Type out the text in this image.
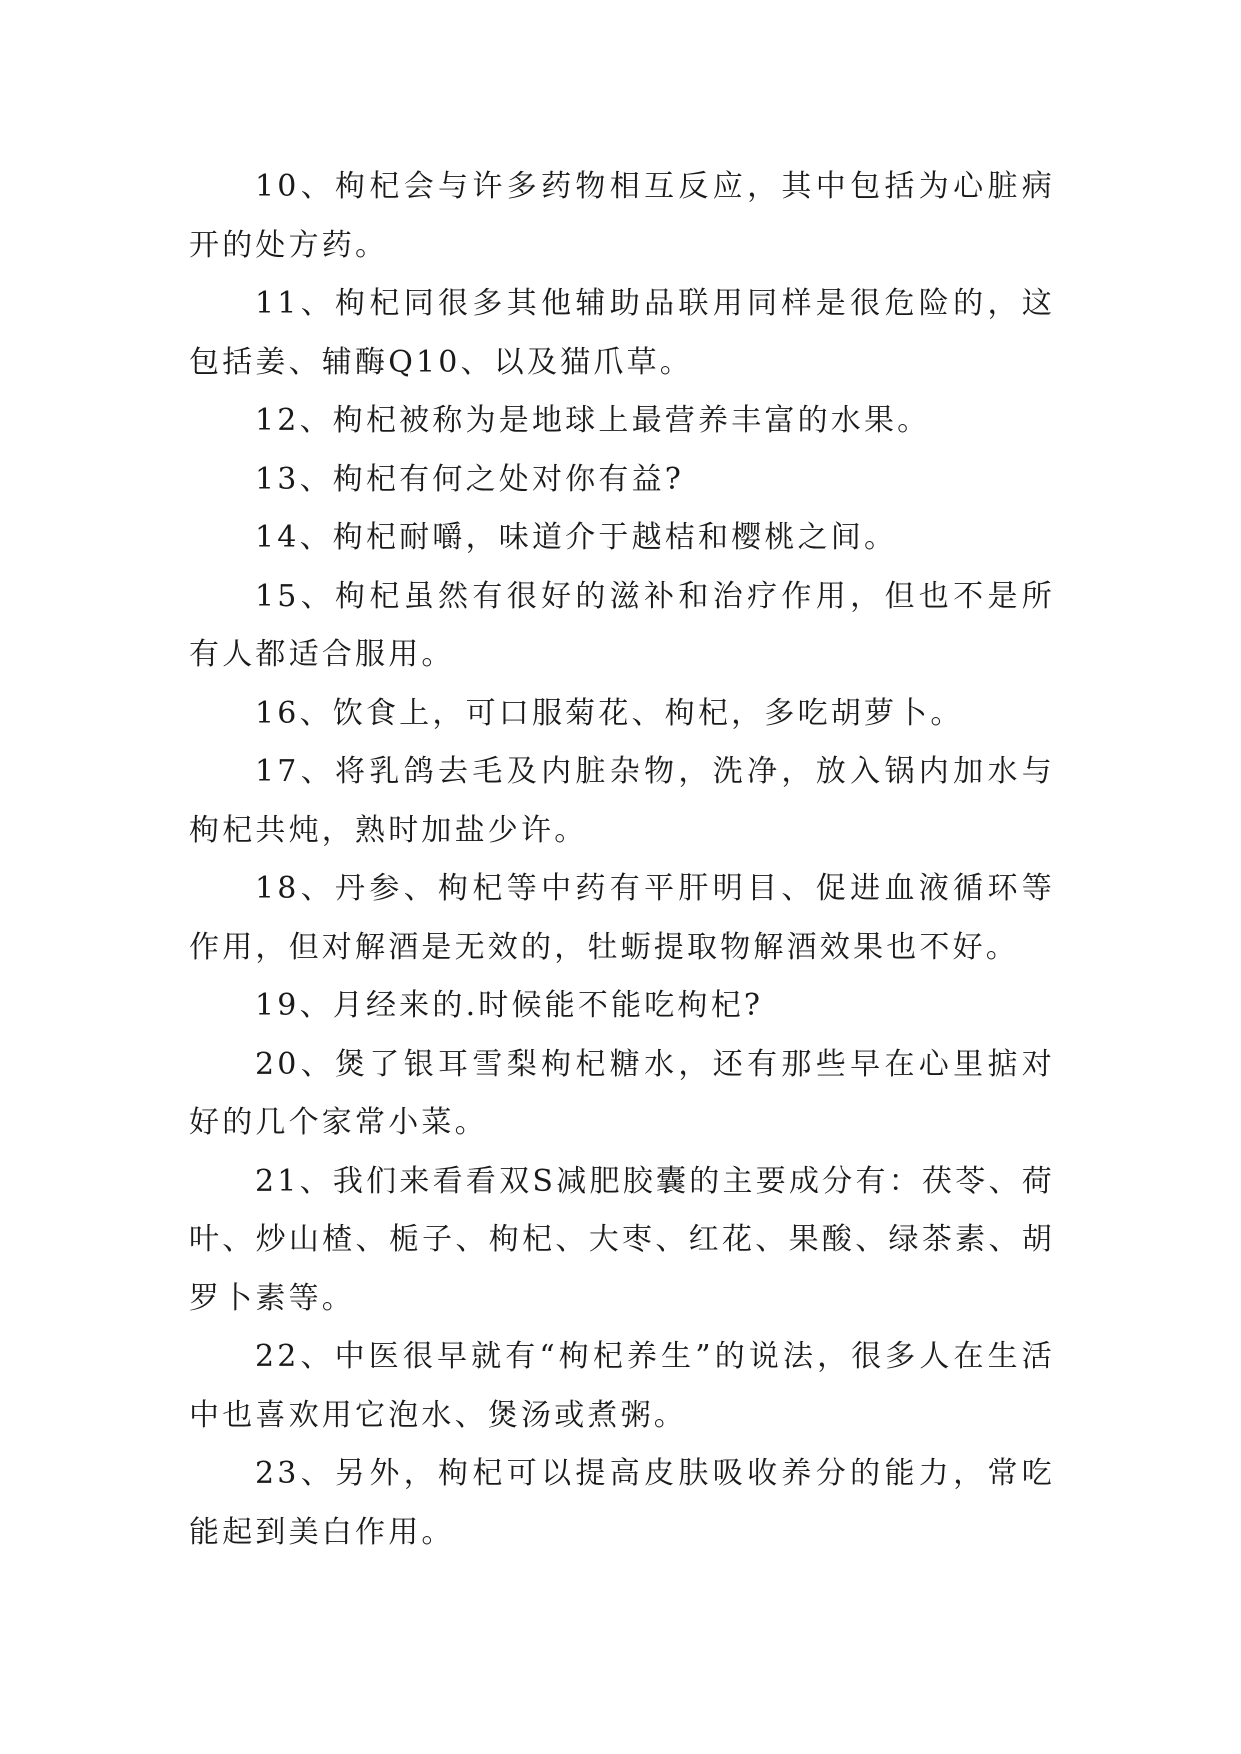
10、枸杞会与许多药物相互反应，其中包括为心脏病开的处方药。

11、枸杞同很多其他辅助品联用同样是很危险的，这包括姜、辅酶Q10、以及猫爪草。

12、枸杞被称为是地球上最营养丰富的水果。

13、枸杞有何之处对你有益?

14、枸杞耐嚼，味道介于越桔和樱桃之间。

15、枸杞虽然有很好的滋补和治疗作用，但也不是所有人都适合服用。

16、饮食上，可口服菊花、枸杞，多吃胡萝卜。

17、将乳鸽去毛及内脏杂物，洗净，放入锅内加水与枸杞共炖，熟时加盐少许。

18、丹参、枸杞等中药有平肝明目、促进血液循环等作用，但对解酒是无效的，牡蛎提取物解酒效果也不好。

19、月经来的.时候能不能吃枸杞?

20、煲了银耳雪梨枸杞糖水，还有那些早在心里掂对好的几个家常小菜。

21、我们来看看双S减肥胶囊的主要成分有：茯苓、荷叶、炒山楂、栀子、枸杞、大枣、红花、果酸、绿茶素、胡罗卜素等。

22、中医很早就有“枸杞养生”的说法，很多人在生活中也喜欢用它泡水、煲汤或煮粥。

23、另外，枸杞可以提高皮肤吸收养分的能力，常吃能起到美白作用。
